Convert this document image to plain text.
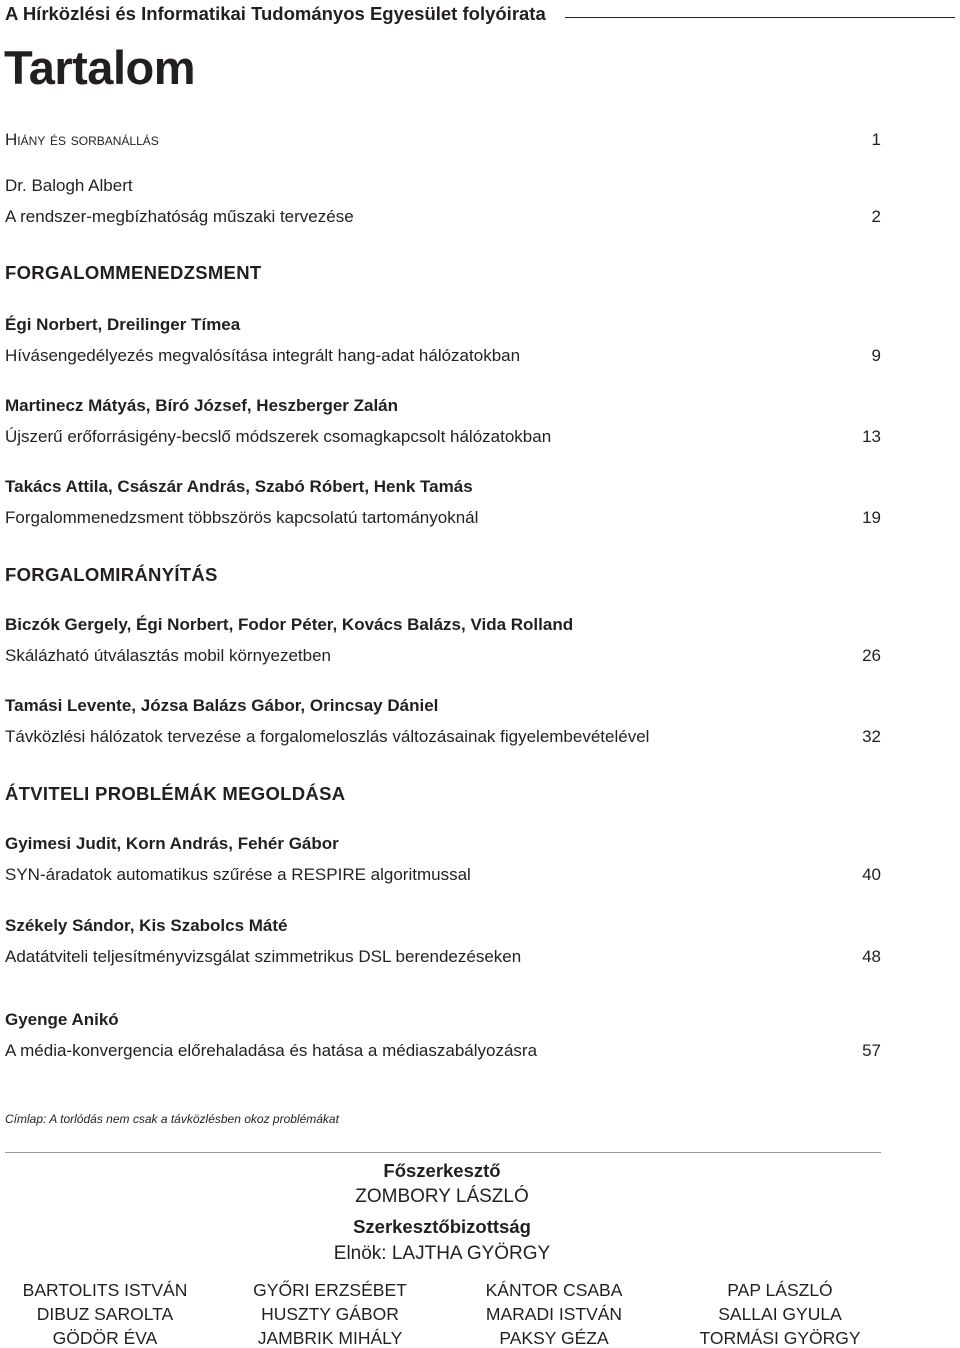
A Hírközlési és Informatikai Tudományos Egyesület folyóirata
Tartalom
Hiány és sorbanállás	1
Dr. Balogh Albert
A rendszer-megbízhatóság műszaki tervezése	2
FORGALOMMENEDZSMENT
Égi Norbert, Dreilinger Tímea
Hívásengedélyezés megvalósítása integrált hang-adat hálózatokban	9
Martinecz Mátyás, Bíró József, Heszberger Zalán
Újszerű erőforrásigény-becslő módszerek csomagkapcsolt hálózatokban	13
Takács Attila, Császár András, Szabó Róbert, Henk Tamás
Forgalommenedzsment többszörös kapcsolatú tartományoknál	19
FORGALOMIRÁNYÍTÁS
Biczók Gergely, Égi Norbert, Fodor Péter, Kovács Balázs, Vida Rolland
Skálázható útválasztás mobil környezetben	26
Tamási Levente, Józsa Balázs Gábor, Orincsay Dániel
Távközlési hálózatok tervezése a forgalomeloszlás változásainak figyelembevételével	32
ÁTVITELI PROBLÉMÁK MEGOLDÁSA
Gyimesi Judit, Korn András, Fehér Gábor
SYN-áradatok automatikus szűrése a RESPIRE algoritmussal	40
Székely Sándor, Kis Szabolcs Máté
Adatátviteli teljesítményvizsgálat szimmetrikus DSL berendezéseken	48
Gyenge Anikó
A média-konvergencia előrehaladása és hatása a médiaszabályozásra	57
Címlap: A torlódás nem csak a távközlésben okoz problémákat
Főszerkesztő
ZOMBORY LÁSZLÓ
Szerkesztőbizottság
Elnök: LAJTHA GYÖRGY
BARTOLITS ISTVÁN
DIBUZ SAROLTA
GÖDÖR ÉVA
GYŐRI ERZSÉBET
HUSZTY GÁBOR
JAMBRIK MIHÁLY
KÁNTOR CSABA
MARADI ISTVÁN
PAKSY GÉZA
PAP LÁSZLÓ
SALLAI GYULA
TORMÁSI GYÖRGY
